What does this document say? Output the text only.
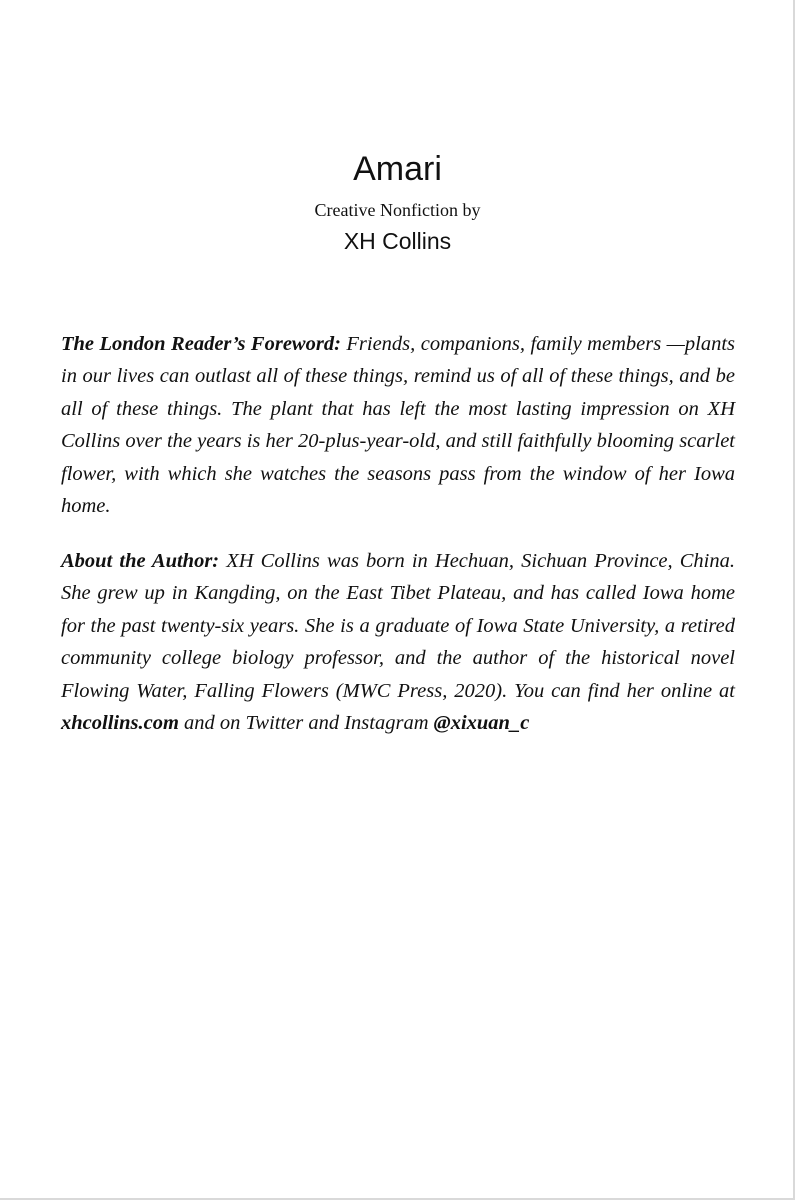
Amari
Creative Nonfiction by
XH Collins

The London Reader’s Foreword: Friends, companions, family members —plants in our lives can outlast all of these things, remind us of all of these things, and be all of these things. The plant that has left the most lasting impression on XH Collins over the years is her 20-plus-year-old, and still faithfully blooming scarlet flower, with which she watches the seasons pass from the window of her Iowa home.

About the Author: XH Collins was born in Hechuan, Sichuan Province, China. She grew up in Kangding, on the East Tibet Plateau, and has called Iowa home for the past twenty-six years. She is a graduate of Iowa State University, a retired community college biology professor, and the author of the historical novel Flowing Water, Falling Flowers (MWC Press, 2020). You can find her online at xhcollins.com and on Twitter and Instagram @xixuan_c
